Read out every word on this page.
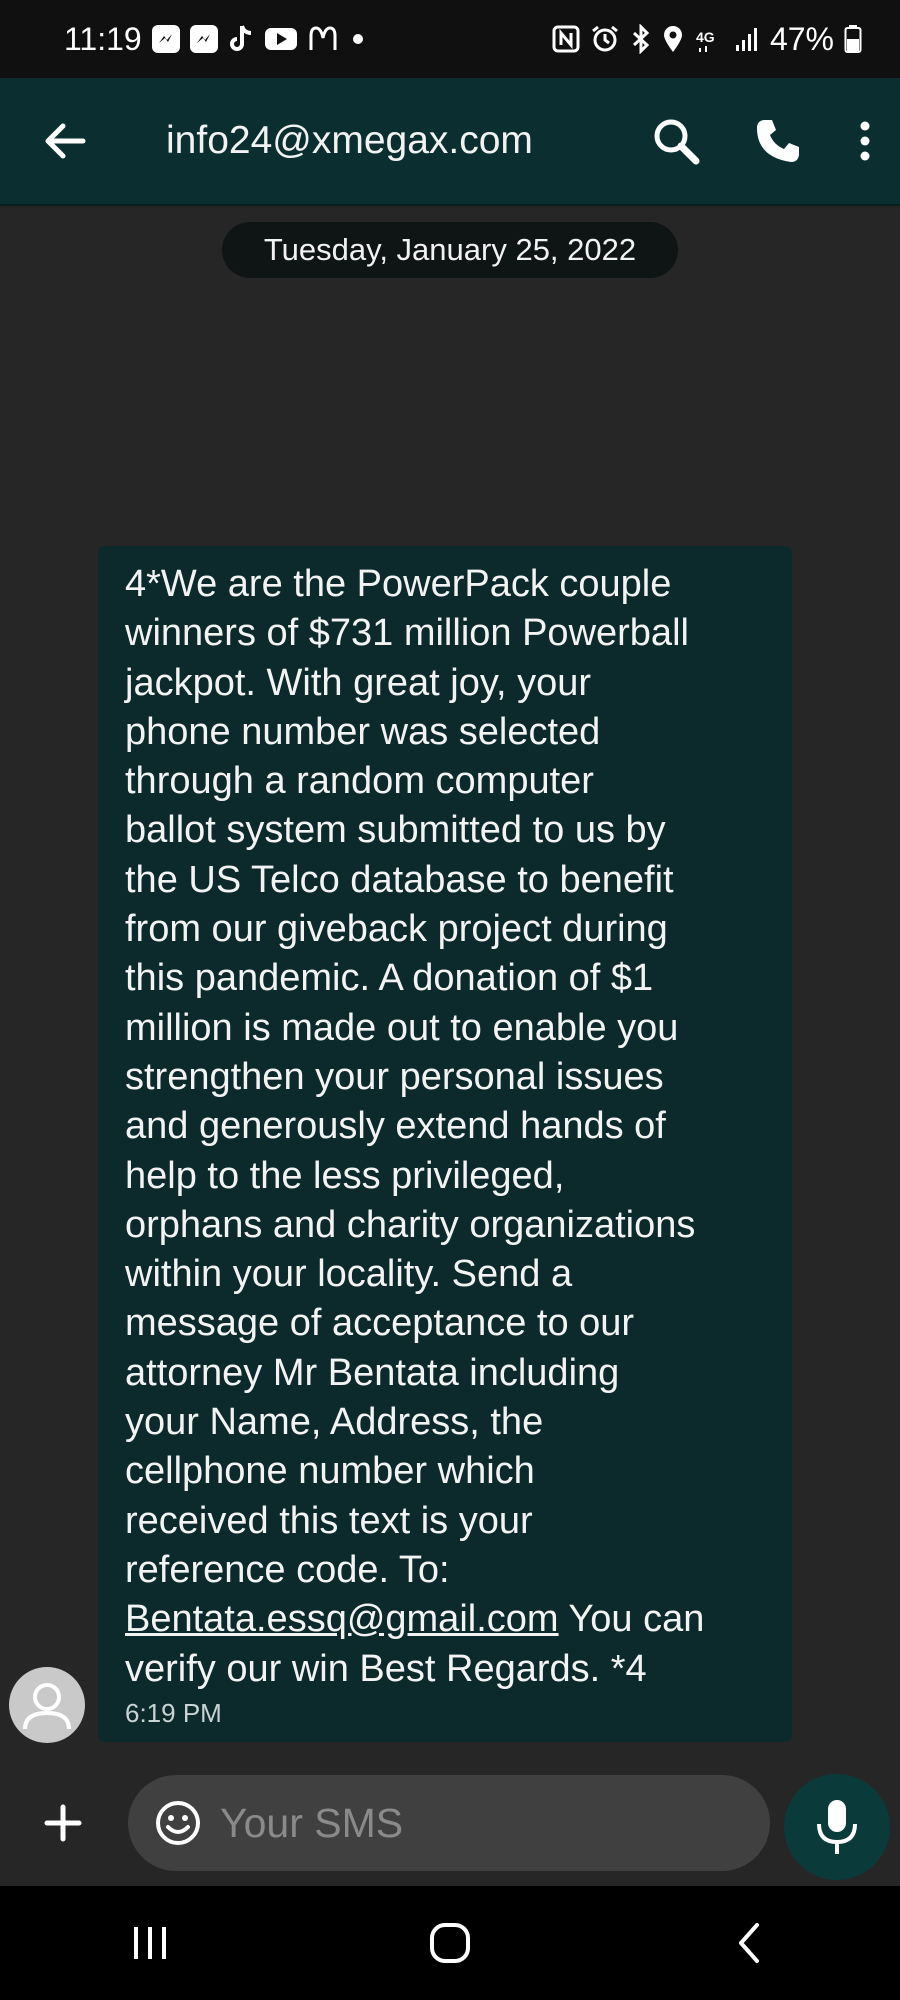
11:19	4G 47%
info24@xmegax.com
Tuesday, January 25, 2022

4*We are the PowerPack couple
winners of $731 million Powerball
jackpot. With great joy, your
phone number was selected
through a random computer
ballot system submitted to us by
the US Telco database to benefit
from our giveback project during
this pandemic. A donation of $1
million is made out to enable you
strengthen your personal issues
and generously extend hands of
help to the less privileged,
orphans and charity organizations
within your locality. Send a
message of acceptance to our
attorney Mr Bentata including
your Name, Address, the
cellphone number which
received this text is your
reference code. To:
Bentata.essq@gmail.com You can
verify our win Best Regards. *4

6:19 PM
Your SMS
